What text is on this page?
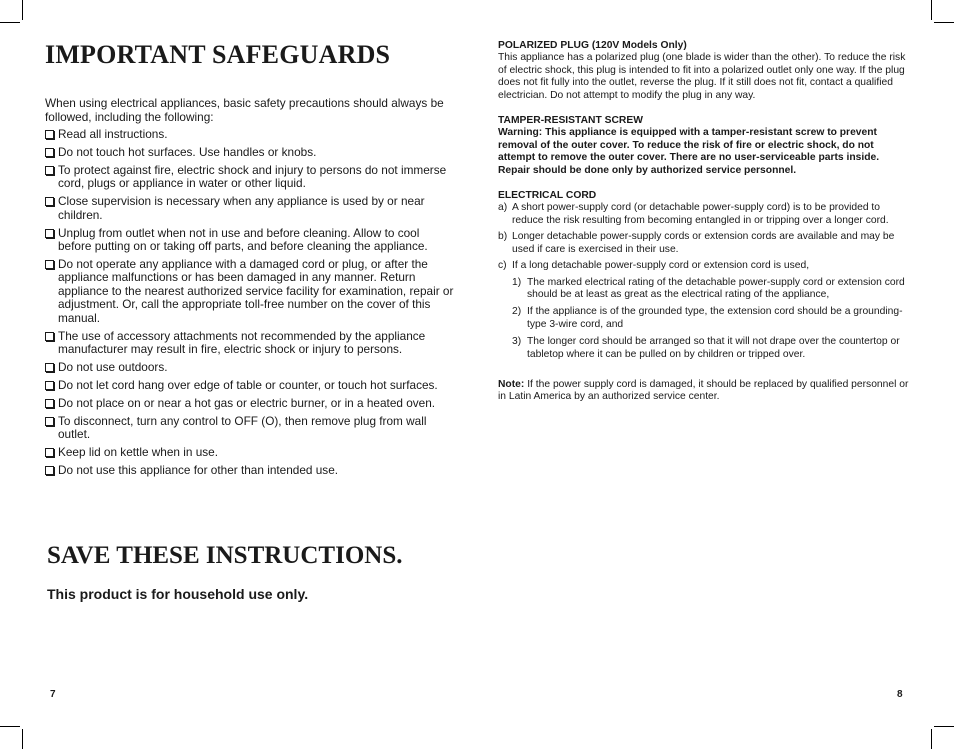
IMPORTANT SAFEGUARDS
When using electrical appliances, basic safety precautions should always be followed, including the following:
Read all instructions.
Do not touch hot surfaces. Use handles or knobs.
To protect against fire, electric shock and injury to persons do not immerse cord, plugs or appliance in water or other liquid.
Close supervision is necessary when any appliance is used by or near children.
Unplug from outlet when not in use and before cleaning. Allow to cool before putting on or taking off parts, and before cleaning the appliance.
Do not operate any appliance with a damaged cord or plug, or after the appliance malfunctions or has been damaged in any manner. Return appliance to the nearest authorized service facility for examination, repair or adjustment. Or, call the appropriate toll-free number on the cover of this manual.
The use of accessory attachments not recommended by the appliance manufacturer may result in fire, electric shock or injury to persons.
Do not use outdoors.
Do not let cord hang over edge of table or counter, or touch hot surfaces.
Do not place on or near a hot gas or electric burner, or in a heated oven.
To disconnect, turn any control to OFF (O), then remove plug from wall outlet.
Keep lid on kettle when in use.
Do not use this appliance for other than intended use.
SAVE THESE INSTRUCTIONS.
This product is for household use only.
7
POLARIZED PLUG (120V Models Only)
This appliance has a polarized plug (one blade is wider than the other). To reduce the risk of electric shock, this plug is intended to fit into a polarized outlet only one way. If the plug does not fit fully into the outlet, reverse the plug. If it still does not fit, contact a qualified electrician. Do not attempt to modify the plug in any way.
TAMPER-RESISTANT SCREW
Warning: This appliance is equipped with a tamper-resistant screw to prevent removal of the outer cover. To reduce the risk of fire or electric shock, do not attempt to remove the outer cover. There are no user-serviceable parts inside. Repair should be done only by authorized service personnel.
ELECTRICAL CORD
a) A short power-supply cord (or detachable power-supply cord) is to be provided to reduce the risk resulting from becoming entangled in or tripping over a longer cord.
b) Longer detachable power-supply cords or extension cords are available and may be used if care is exercised in their use.
c) If a long detachable power-supply cord or extension cord is used,
1) The marked electrical rating of the detachable power-supply cord or extension cord should be at least as great as the electrical rating of the appliance,
2) If the appliance is of the grounded type, the extension cord should be a grounding-type 3-wire cord, and
3) The longer cord should be arranged so that it will not drape over the countertop or tabletop where it can be pulled on by children or tripped over.
Note: If the power supply cord is damaged, it should be replaced by qualified personnel or in Latin America by an authorized service center.
8
